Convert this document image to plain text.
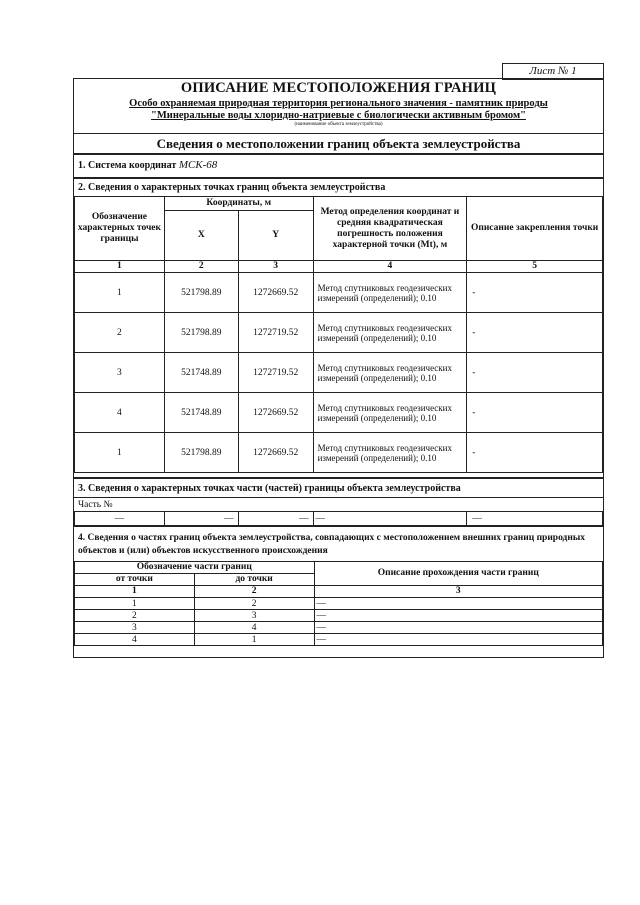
Лист № 1
ОПИСАНИЕ МЕСТОПОЛОЖЕНИЯ ГРАНИЦ
Особо охраняемая природная территория регионального значения - памятник природы
"Минеральные воды хлоридно-натриевые с биологически активным бромом"
(наименование объекта землеустройства)
Сведения о местоположении границ объекта землеустройства
1. Система координат МСК-68
2. Сведения о характерных точках границ объекта землеустройства
Обозначение характерных точек границы	Координаты, м		Метод определения координат и средняя квадратическая погрешность положения характерной точки (Mt), м	Описание закрепления точки
	X	Y		
1	2	3	4	5
1	521798.89	1272669.52	Метод спутниковых геодезических измерений (определений); 0.10	-
2	521798.89	1272719.52	Метод спутниковых геодезических измерений (определений); 0.10	-
3	521748.89	1272719.52	Метод спутниковых геодезических измерений (определений); 0.10	-
4	521748.89	1272669.52	Метод спутниковых геодезических измерений (определений); 0.10	-
1	521798.89	1272669.52	Метод спутниковых геодезических измерений (определений); 0.10	-
3. Сведения о характерных точках части (частей) границы объекта землеустройства
Часть №
—	—	—	—	—
4. Сведения о частях границ объекта землеустройства, совпадающих с местоположением внешних границ природных объектов и (или) объектов искусственного происхождения
Обозначение части границ		Описание прохождения части границ
от точки	до точки	
1	2	3
1	2	—
2	3	—
3	4	—
4	1	—
